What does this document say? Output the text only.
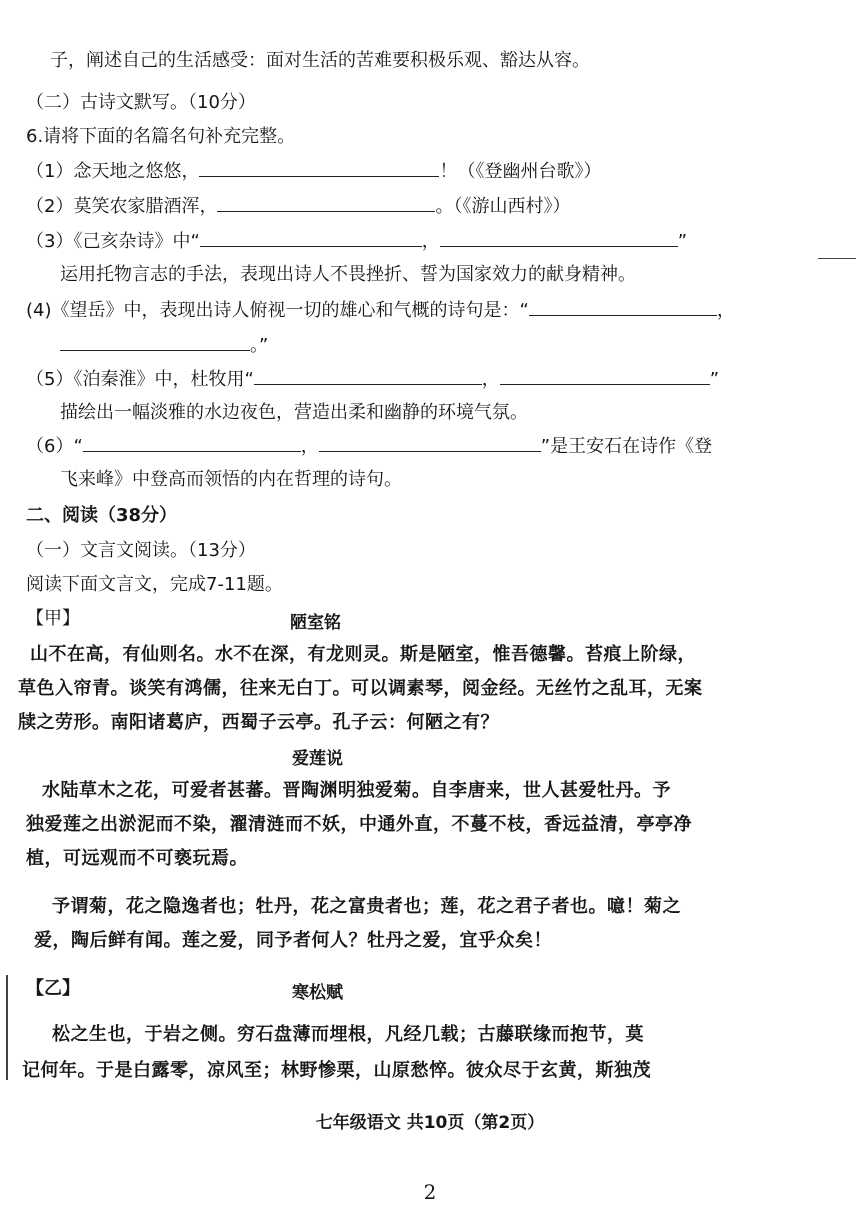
子，阐述自己的生活感受：面对生活的苦难要积极乐观、豁达从容。
（二）古诗文默写。（10分）
6.请将下面的名篇名句补充完整。
（1）念天地之悠悠，	！（《登幽州台歌》）
（2）莫笑农家腊酒浑，	。（《游山西村》）
（3）《己亥杂诗》中“	，	”
运用托物言志的手法，表现出诗人不畏挫折、誓为国家效力的献身精神。
(4)《望岳》中，表现出诗人俯视一切的雄心和气概的诗句是：“	，
。”
（5）《泊秦淮》中，杜牧用“	，	”
描绘出一幅淡雅的水边夜色，营造出柔和幽静的环境气氛。
（6）“	，	”是王安石在诗作《登
飞来峰》中登高而领悟的内在哲理的诗句。
二、阅读（38分）
（一）文言文阅读。（13分）
阅读下面文言文，完成7-11题。
【甲】	陋室铭
山不在高，有仙则名。水不在深，有龙则灵。斯是陋室，惟吾德馨。苔痕上阶绿，
草色入帘青。谈笑有鸿儒，往来无白丁。可以调素琴，阅金经。无丝竹之乱耳，无案
牍之劳形。南阳诸葛庐，西蜀子云亭。孔子云：何陋之有？
爱莲说
水陆草木之花，可爱者甚蕃。晋陶渊明独爱菊。自李唐来，世人甚爱牡丹。予
独爱莲之出淤泥而不染，濯清涟而不妖，中通外直，不蔓不枝，香远益清，亭亭净
植，可远观而不可亵玩焉。
予谓菊，花之隐逸者也；牡丹，花之富贵者也；莲，花之君子者也。噫！菊之
爱，陶后鲜有闻。莲之爱，同予者何人？牡丹之爱，宜乎众矣！
【乙】	寒松赋
松之生也，于岩之侧。穷石盘薄而埋根，凡经几载；古藤联缘而抱节，莫
记何年。于是白露零，凉风至；林野惨栗，山原愁悴。彼众尽于玄黄，斯独茂
七年级语文 共10页（第2页）
2
